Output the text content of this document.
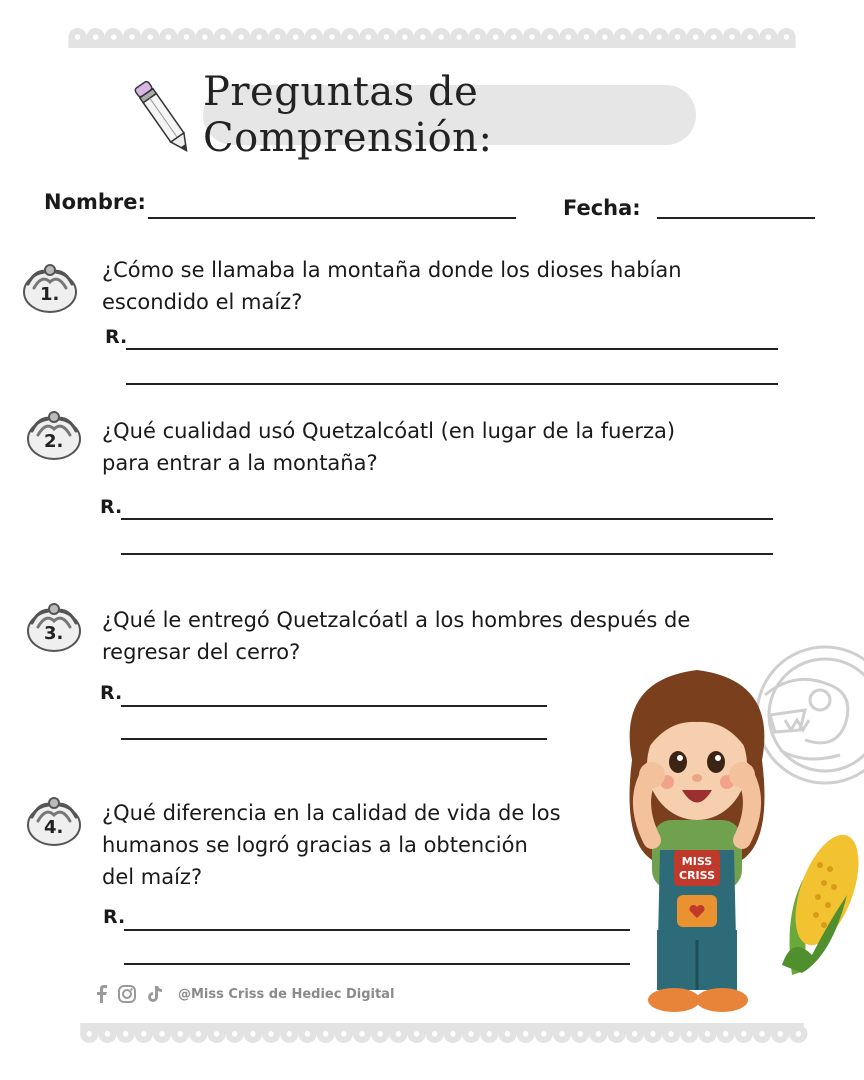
Preguntas de Comprensión:
Nombre:	Fecha:
1.
2.
3.
4.
¿Cómo se llamaba la montaña donde los dioses habían
escondido el maíz?
R.
¿Qué cualidad usó Quetzalcóatl (en lugar de la fuerza)
para entrar a la montaña?
R.
¿Qué le entregó Quetzalcóatl a los hombres después de
regresar del cerro?
R.
¿Qué diferencia en la calidad de vida de los
humanos se logró gracias a la obtención
del maíz?
R.
MISS
CRISS
@Miss Criss de Hediec Digital
